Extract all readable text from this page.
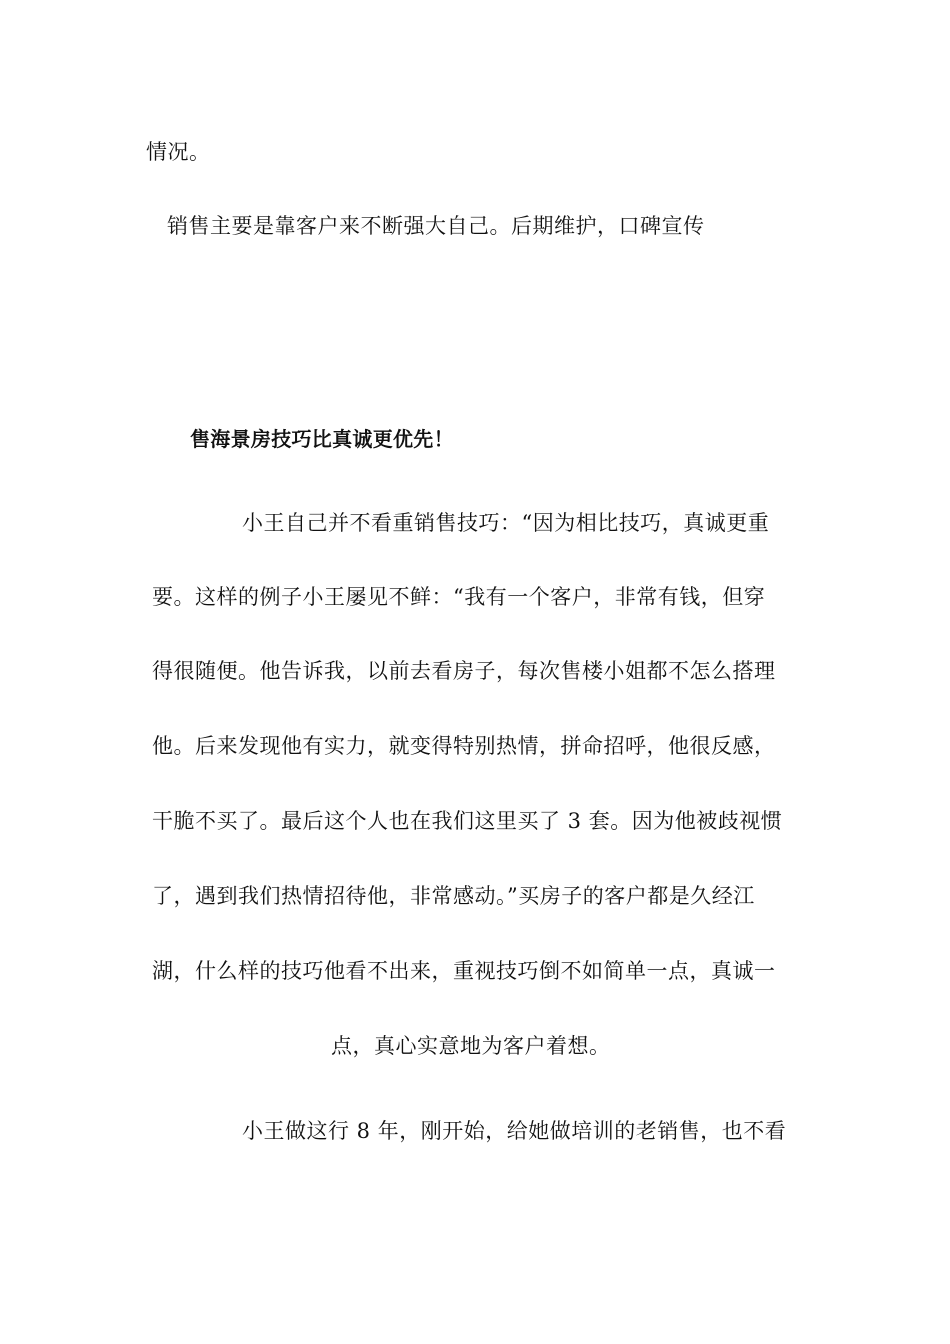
情况。
销售主要是靠客户来不断强大自己。后期维护，口碑宣传
售海景房技巧比真诚更优先！
小王自己并不看重销售技巧：“因为相比技巧，真诚更重
要。这样的例子小王屡见不鲜：“我有一个客户，非常有钱，但穿
得很随便。他告诉我，以前去看房子，每次售楼小姐都不怎么搭理
他。后来发现他有实力，就变得特别热情，拼命招呼，他很反感，
干脆不买了。最后这个人也在我们这里买了 3 套。因为他被歧视惯
了，遇到我们热情招待他，非常感动。”买房子的客户都是久经江
湖，什么样的技巧他看不出来，重视技巧倒不如简单一点，真诚一
点，真心实意地为客户着想。
小王做这行 8 年，刚开始，给她做培训的老销售，也不看
